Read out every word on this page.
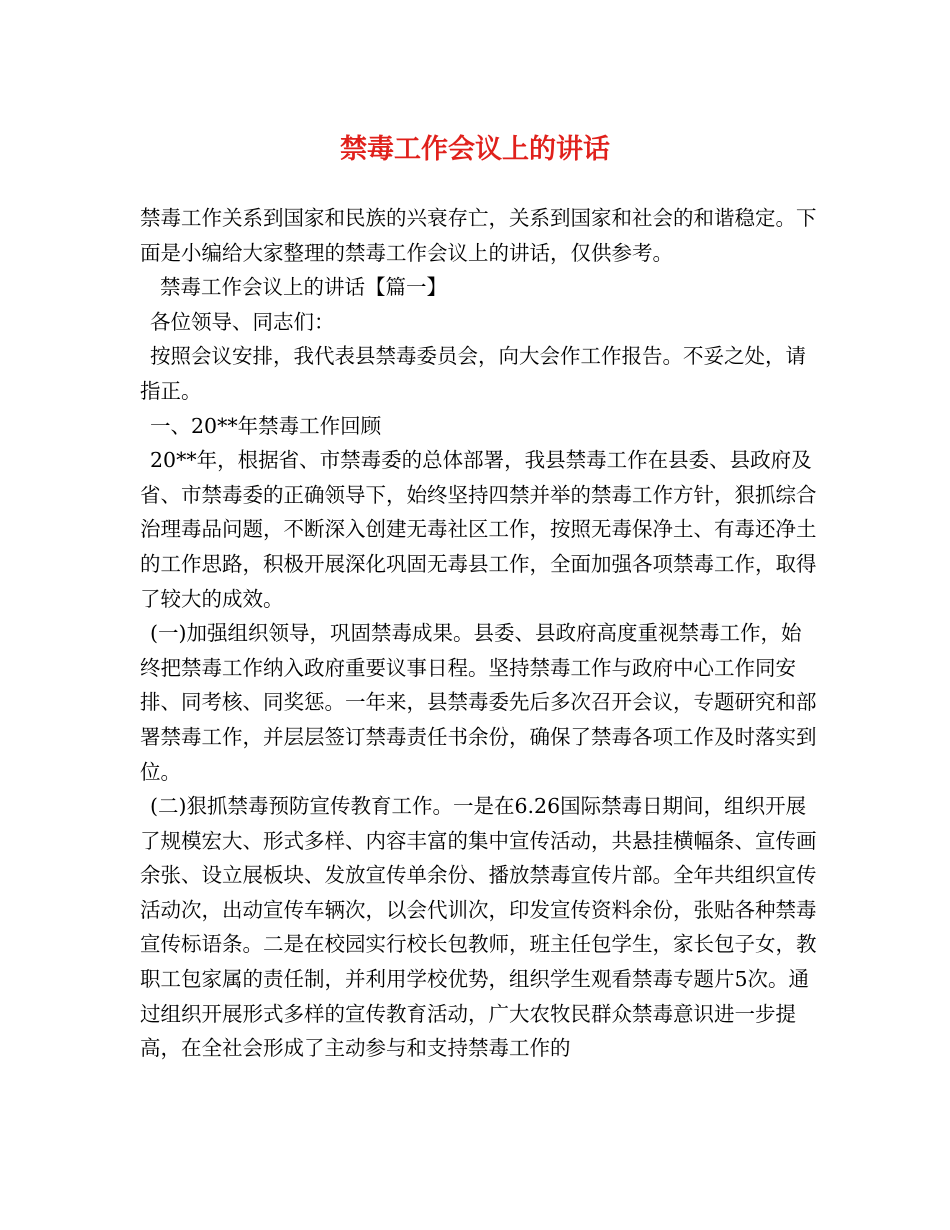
禁毒工作会议上的讲话

禁毒工作关系到国家和民族的兴衰存亡，关系到国家和社会的和谐稳定。下面是小编给大家整理的禁毒工作会议上的讲话，仅供参考。

禁毒工作会议上的讲话【篇一】

各位领导、同志们：

按照会议安排，我代表县禁毒委员会，向大会作工作报告。不妥之处，请指正。

一、20**年禁毒工作回顾

20**年，根据省、市禁毒委的总体部署，我县禁毒工作在县委、县政府及省、市禁毒委的正确领导下，始终坚持四禁并举的禁毒工作方针，狠抓综合治理毒品问题，不断深入创建无毒社区工作，按照无毒保净土、有毒还净土的工作思路，积极开展深化巩固无毒县工作，全面加强各项禁毒工作，取得了较大的成效。

(一)加强组织领导，巩固禁毒成果。县委、县政府高度重视禁毒工作，始终把禁毒工作纳入政府重要议事日程。坚持禁毒工作与政府中心工作同安排、同考核、同奖惩。一年来，县禁毒委先后多次召开会议，专题研究和部署禁毒工作，并层层签订禁毒责任书余份，确保了禁毒各项工作及时落实到位。

(二)狠抓禁毒预防宣传教育工作。一是在6.26国际禁毒日期间，组织开展了规模宏大、形式多样、内容丰富的集中宣传活动，共悬挂横幅条、宣传画余张、设立展板块、发放宣传单余份、播放禁毒宣传片部。全年共组织宣传活动次，出动宣传车辆次，以会代训次，印发宣传资料余份，张贴各种禁毒宣传标语条。二是在校园实行校长包教师，班主任包学生，家长包子女，教职工包家属的责任制，并利用学校优势，组织学生观看禁毒专题片5次。通过组织开展形式多样的宣传教育活动，广大农牧民群众禁毒意识进一步提高，在全社会形成了主动参与和支持禁毒工作的
